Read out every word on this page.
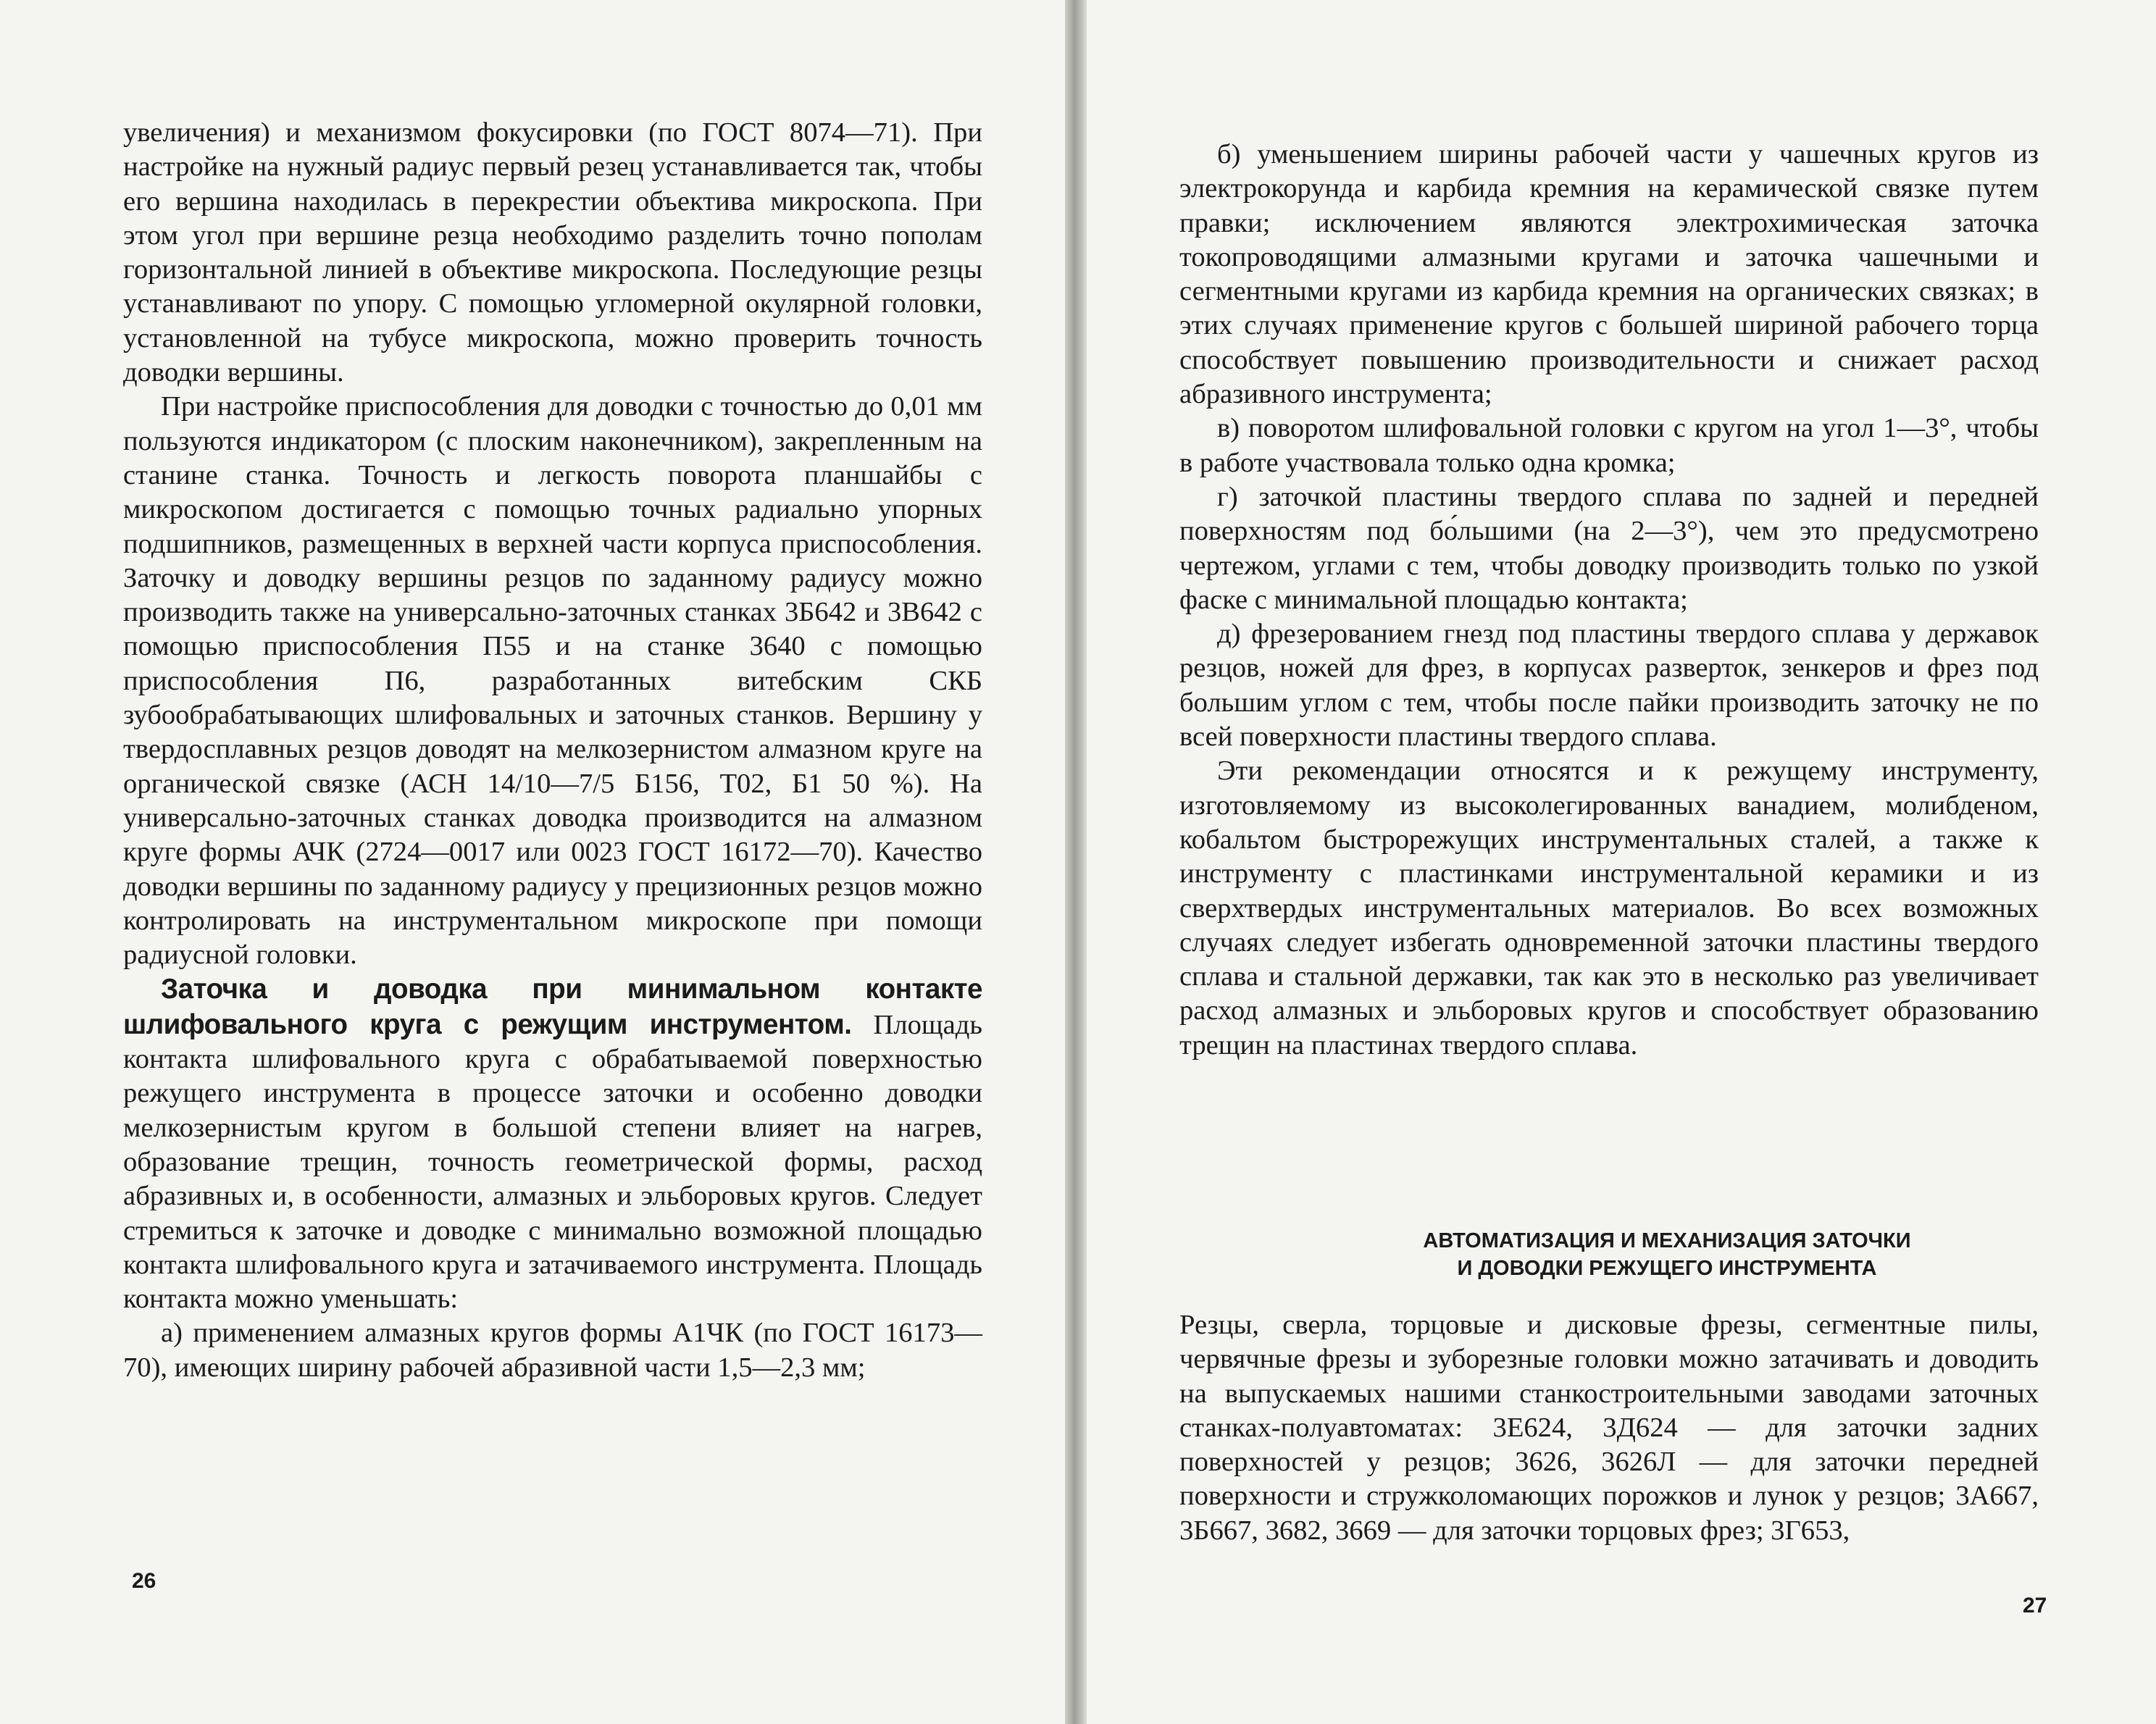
увеличения) и механизмом фокусировки (по ГОСТ 8074—71). При настройке на нужный радиус первый резец устанавливается так, чтобы его вершина находилась в перекрестии объектива микроскопа. При этом угол при вершине резца необходимо разделить точно пополам горизонтальной линией в объективе микроскопа. Последующие резцы устанавливают по упору. С помощью угломерной окулярной головки, установленной на тубусе микроскопа, можно проверить точность доводки вершины.

При настройке приспособления для доводки с точностью до 0,01 мм пользуются индикатором (с плоским наконечником), закрепленным на станине станка. Точность и легкость поворота планшайбы с микроскопом достигается с помощью точных радиально упорных подшипников, размещенных в верхней части корпуса приспособления. Заточку и доводку вершины резцов по заданному радиусу можно производить также на универсально-заточных станках 3Б642 и 3В642 с помощью приспособления П55 и на станке 3640 с помощью приспособления П6, разработанных витебским СКБ зубообрабатывающих шлифовальных и заточных станков. Вершину у твердосплавных резцов доводят на мелкозернистом алмазном круге на органической связке (АСН 14/10—7/5 Б156, Т02, Б1 50 %). На универсально-заточных станках доводка производится на алмазном круге формы АЧК (2724—0017 или 0023 ГОСТ 16172—70). Качество доводки вершины по заданному радиусу у прецизионных резцов можно контролировать на инструментальном микроскопе при помощи радиусной головки.

Заточка и доводка при минимальном контакте шлифовального круга с режущим инструментом. Площадь контакта шлифовального круга с обрабатываемой поверхностью режущего инструмента в процессе заточки и особенно доводки мелкозернистым кругом в большой степени влияет на нагрев, образование трещин, точность геометрической формы, расход абразивных и, в особенности, алмазных и эльборовых кругов. Следует стремиться к заточке и доводке с минимально возможной площадью контакта шлифовального круга и затачиваемого инструмента. Площадь контакта можно уменьшать:

а) применением алмазных кругов формы А1ЧК (по ГОСТ 16173—70), имеющих ширину рабочей абразивной части 1,5—2,3 мм;

26

б) уменьшением ширины рабочей части у чашечных кругов из электрокорунда и карбида кремния на керамической связке путем правки; исключением являются электрохимическая заточка токопроводящими алмазными кругами и заточка чашечными и сегментными кругами из карбида кремния на органических связках; в этих случаях применение кругов с большей шириной рабочего торца способствует повышению производительности и снижает расход абразивного инструмента;

в) поворотом шлифовальной головки с кругом на угол 1—3°, чтобы в работе участвовала только одна кромка;

г) заточкой пластины твердого сплава по задней и передней поверхностям под бо́льшими (на 2—3°), чем это предусмотрено чертежом, углами с тем, чтобы доводку производить только по узкой фаске с минимальной площадью контакта;

д) фрезерованием гнезд под пластины твердого сплава у державок резцов, ножей для фрез, в корпусах разверток, зенкеров и фрез под большим углом с тем, чтобы после пайки производить заточку не по всей поверхности пластины твердого сплава.

Эти рекомендации относятся и к режущему инструменту, изготовляемому из высоколегированных ванадием, молибденом, кобальтом быстрорежущих инструментальных сталей, а также к инструменту с пластинками инструментальной керамики и из сверхтвердых инструментальных материалов. Во всех возможных случаях следует избегать одновременной заточки пластины твердого сплава и стальной державки, так как это в несколько раз увеличивает расход алмазных и эльборовых кругов и способствует образованию трещин на пластинах твердого сплава.

АВТОМАТИЗАЦИЯ И МЕХАНИЗАЦИЯ ЗАТОЧКИ
И ДОВОДКИ РЕЖУЩЕГО ИНСТРУМЕНТА
Резцы, сверла, торцовые и дисковые фрезы, сегментные пилы, червячные фрезы и зуборезные головки можно затачивать и доводить на выпускаемых нашими станкостроительными заводами заточных станках-полуавтоматах: 3Е624, 3Д624 — для заточки задних поверхностей у резцов; 3626, 3626Л — для заточки передней поверхности и стружколомающих порожков и лунок у резцов; 3А667, 3Б667, 3682, 3669 — для заточки торцовых фрез; 3Г653,
27
